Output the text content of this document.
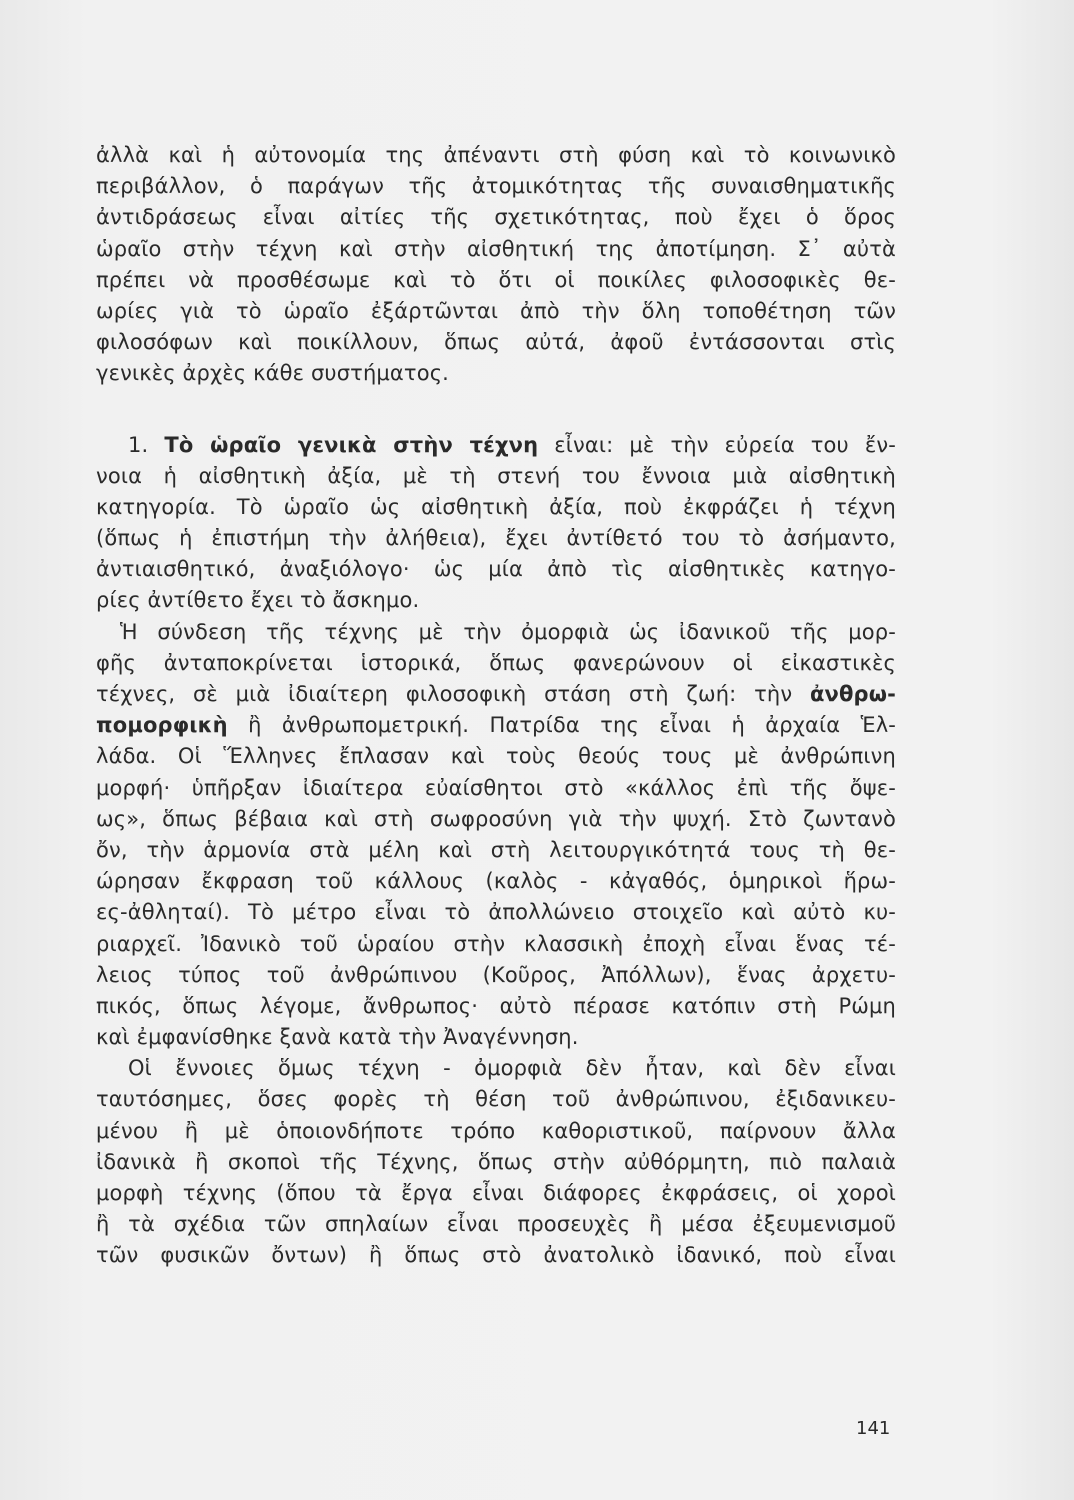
ἀλλὰ καὶ ἡ αὐτονομία της ἀπέναντι στὴ φύση καὶ τὸ κοινωνικὸ
περιβάλλον, ὁ παράγων τῆς ἀτομικότητας τῆς συναισθηματικῆς
ἀντιδράσεως εἶναι αἰτίες τῆς σχετικότητας, ποὺ ἔχει ὁ ὅρος
ὡραῖο στὴν τέχνη καὶ στὴν αἰσθητική της ἀποτίμηση. Σ᾽ αὐτὰ
πρέπει νὰ προσθέσωμε καὶ τὸ ὅτι οἱ ποικίλες φιλοσοφικὲς θε-
ωρίες γιὰ τὸ ὡραῖο ἐξάρτῶνται ἀπὸ τὴν ὅλη τοποθέτηση τῶν
φιλοσόφων καὶ ποικίλλουν, ὅπως αὐτά, ἀφοῦ ἐντάσσονται στὶς
γενικὲς ἀρχὲς κάθε συστήματος.
1. Τὸ ὡραῖο γενικὰ στὴν τέχνη εἶναι: μὲ τὴν εὐρεία του ἔν-
νοια ἡ αἰσθητικὴ ἀξία, μὲ τὴ στενή του ἔννοια μιὰ αἰσθητικὴ
κατηγορία. Τὸ ὡραῖο ὡς αἰσθητικὴ ἀξία, ποὺ ἐκφράζει ἡ τέχνη
(ὅπως ἡ ἐπιστήμη τὴν ἀλήθεια), ἔχει ἀντίθετό του τὸ ἀσήμαντο,
ἀντιαισθητικό, ἀναξιόλογο· ὡς μία ἀπὸ τὶς αἰσθητικὲς κατηγο-
ρίες ἀντίθετο ἔχει τὸ ἄσκημο.
Ἡ σύνδεση τῆς τέχνης μὲ τὴν ὀμορφιὰ ὡς ἰδανικοῦ τῆς μορ-
φῆς ἀνταποκρίνεται ἱστορικά, ὅπως φανερώνουν οἱ εἰκαστικὲς
τέχνες, σὲ μιὰ ἰδιαίτερη φιλοσοφικὴ στάση στὴ ζωή: τὴν ἀνθρω-
πομορφικὴ ἢ ἀνθρωπομετρική. Πατρίδα της εἶναι ἡ ἀρχαία Ἑλ-
λάδα. Οἱ Ἕλληνες ἔπλασαν καὶ τοὺς θεούς τους μὲ ἀνθρώπινη
μορφή· ὑπῆρξαν ἰδιαίτερα εὐαίσθητοι στὸ «κάλλος ἐπὶ τῆς ὄψε-
ως», ὅπως βέβαια καὶ στὴ σωφροσύνη γιὰ τὴν ψυχή. Στὸ ζωντανὸ
ὄν, τὴν ἁρμονία στὰ μέλη καὶ στὴ λειτουργικότητά τους τὴ θε-
ώρησαν ἔκφραση τοῦ κάλλους (καλὸς - κἀγαθός, ὁμηρικοὶ ἥρω-
ες-ἀθληταί). Τὸ μέτρο εἶναι τὸ ἀπολλώνειο στοιχεῖο καὶ αὐτὸ κυ-
ριαρχεῖ. Ἰδανικὸ τοῦ ὡραίου στὴν κλασσικὴ ἐποχὴ εἶναι ἕνας τέ-
λειος τύπος τοῦ ἀνθρώπινου (Κοῦρος, Ἀπόλλων), ἕνας ἀρχετυ-
πικός, ὅπως λέγομε, ἄνθρωπος· αὐτὸ πέρασε κατόπιν στὴ Ρώμη
καὶ ἐμφανίσθηκε ξανὰ κατὰ τὴν Ἀναγέννηση.
Οἱ ἔννοιες ὅμως τέχνη - ὀμορφιὰ δὲν ἦταν, καὶ δὲν εἶναι
ταυτόσημες, ὅσες φορὲς τὴ θέση τοῦ ἀνθρώπινου, ἐξιδανικευ-
μένου ἢ μὲ ὁποιονδήποτε τρόπο καθοριστικοῦ, παίρνουν ἄλλα
ἰδανικὰ ἢ σκοποὶ τῆς Τέχνης, ὅπως στὴν αὐθόρμητη, πιὸ παλαιὰ
μορφὴ τέχνης (ὅπου τὰ ἔργα εἶναι διάφορες ἐκφράσεις, οἱ χοροὶ
ἢ τὰ σχέδια τῶν σπηλαίων εἶναι προσευχὲς ἢ μέσα ἐξευμενισμοῦ
τῶν φυσικῶν ὄντων) ἢ ὅπως στὸ ἀνατολικὸ ἰδανικό, ποὺ εἶναι
141
